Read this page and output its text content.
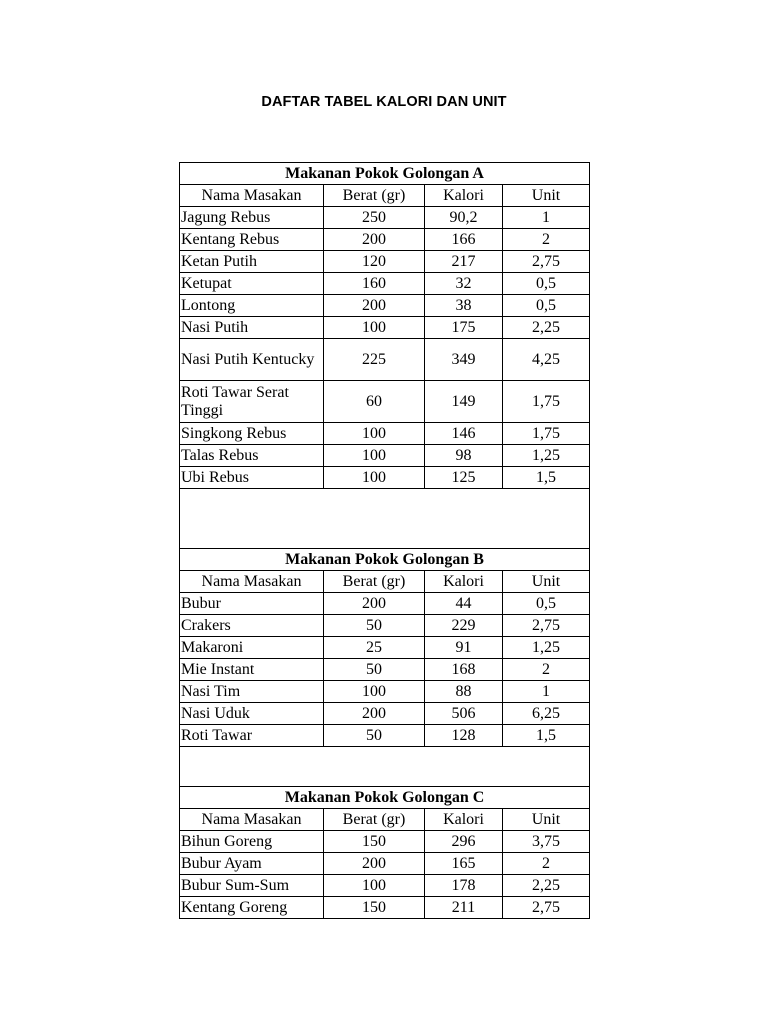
DAFTAR TABEL KALORI DAN UNIT
Makanan Pokok Golongan A			
Nama Masakan	Berat (gr)	Kalori	Unit
Jagung Rebus	250	90,2	1
Kentang Rebus	200	166	2
Ketan Putih	120	217	2,75
Ketupat	160	32	0,5
Lontong	200	38	0,5
Nasi Putih	100	175	2,25
Nasi Putih Kentucky	225	349	4,25
Roti Tawar Serat Tinggi	60	149	1,75
Singkong Rebus	100	146	1,75
Talas Rebus	100	98	1,25
Ubi Rebus	100	125	1,5

Makanan Pokok Golongan B			
Nama Masakan	Berat (gr)	Kalori	Unit
Bubur	200	44	0,5
Crakers	50	229	2,75
Makaroni	25	91	1,25
Mie Instant	50	168	2
Nasi Tim	100	88	1
Nasi Uduk	200	506	6,25
Roti Tawar	50	128	1,5

Makanan Pokok Golongan C			
Nama Masakan	Berat (gr)	Kalori	Unit
Bihun Goreng	150	296	3,75
Bubur Ayam	200	165	2
Bubur Sum-Sum	100	178	2,25
Kentang Goreng	150	211	2,75
